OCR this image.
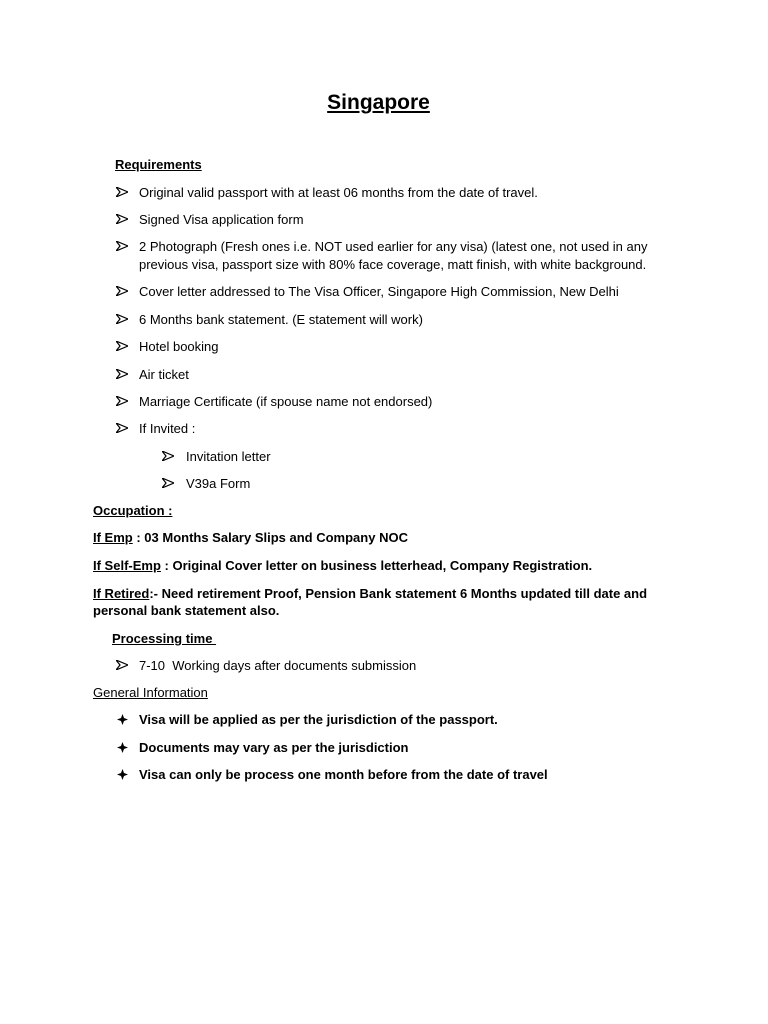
Singapore
Requirements
Original valid passport with at least 06 months from the date of travel.
Signed Visa application form
2 Photograph (Fresh ones i.e. NOT used earlier for any visa) (latest one, not used in any
previous visa, passport size with 80% face coverage, matt finish, with white background.
Cover letter addressed to The Visa Officer, Singapore High Commission, New Delhi
6 Months bank statement. (E statement will work)
Hotel booking
Air ticket
Marriage Certificate (if spouse name not endorsed)
If Invited :
Invitation letter
V39a Form
Occupation :
If Emp : 03 Months Salary Slips and Company NOC
If Self-Emp : Original Cover letter on business letterhead, Company Registration.
If Retired:- Need retirement Proof, Pension Bank statement 6 Months updated till date and
personal bank statement also.
Processing time
7-10  Working days after documents submission
General Information
Visa will be applied as per the jurisdiction of the passport.
Documents may vary as per the jurisdiction
Visa can only be process one month before from the date of travel
